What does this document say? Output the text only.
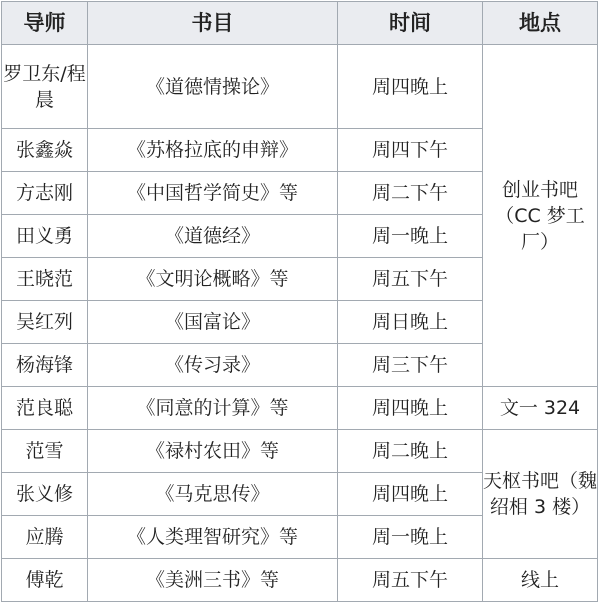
导师	书目	时间	地点
罗卫东/程晨	《道德情操论》	周四晚上	创业书吧（CC 梦工厂）
张鑫焱	《苏格拉底的申辩》	周四下午	
方志刚	《中国哲学简史》等	周二下午	
田义勇	《道德经》	周一晚上	
王晓范	《文明论概略》等	周五下午	
吴红列	《国富论》	周日晚上	
杨海锋	《传习录》	周三下午	
范良聪	《同意的计算》等	周四晚上	文一 324
范雪	《禄村农田》等	周二晚上	天枢书吧（魏绍相 3 楼）
张义修	《马克思传》	周四晚上	
应腾	《人类理智研究》等	周一晚上	
傅乾	《美洲三书》等	周五下午	线上
